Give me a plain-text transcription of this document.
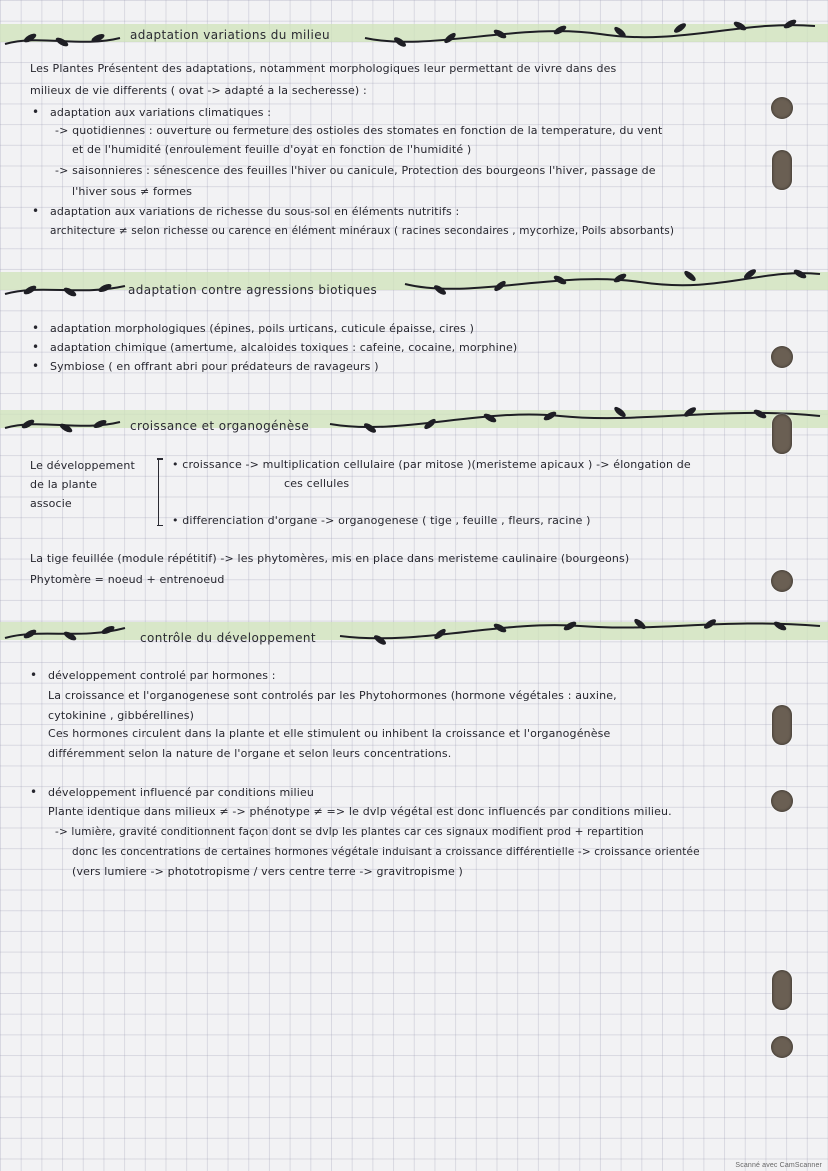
adaptation variations du milieu
Les Plantes Présentent des adaptations, notamment morphologiques leur permettant de vivre dans des
milieux de vie differents ( ovat -> adapté a la secheresse) :
• adaptation aux variations climatiques :
-> quotidiennes : ouverture ou fermeture des ostioles des stomates en fonction de la temperature, du vent
et de l'humidité (enroulement feuille d'oyat en fonction de l'humidité )
-> saisonnieres : sénescence des feuilles l'hiver ou canicule, Protection des bourgeons l'hiver, passage de
l'hiver sous ≠ formes
• adaptation aux variations de richesse du sous-sol en éléments nutritifs :
architecture ≠ selon richesse ou carence en élément minéraux ( racines secondaires , mycorhize, Poils absorbants)
adaptation contre agressions biotiques
• adaptation morphologiques (épines, poils urticans, cuticule épaisse, cires )
• adaptation chimique (amertume, alcaloides toxiques : cafeine, cocaine, morphine)
• Symbiose ( en offrant abri pour prédateurs de ravageurs )
croissance et organogénèse
Le développement
de la plante
associe
• croissance -> multiplication cellulaire (par mitose )(meristeme apicaux ) -> élongation de
ces cellules
• differenciation d'organe -> organogenese ( tige , feuille , fleurs, racine )
La tige feuillée (module répétitif) -> les phytomères, mis en place dans meristeme caulinaire (bourgeons)
Phytomère = noeud + entrenoeud
contrôle du développement
• développement controlé par hormones :
La croissance et l'organogenese sont controlés par les Phytohormones (hormone végétales : auxine,
cytokinine , gibbérellines)
Ces hormones circulent dans la plante et elle stimulent ou inhibent la croissance et l'organogénèse
différemment selon la nature de l'organe et selon leurs concentrations.
• développement influencé par conditions milieu
Plante identique dans milieux ≠ -> phénotype ≠ => le dvlp végétal est donc influencés par conditions milieu.
-> lumière, gravité conditionnent façon dont se dvlp les plantes car ces signaux modifient prod + repartition
donc les concentrations de certaines hormones végétale induisant a croissance différentielle -> croissance orientée
(vers lumiere -> phototropisme / vers centre terre -> gravitropisme )
Scanné avec CamScanner
